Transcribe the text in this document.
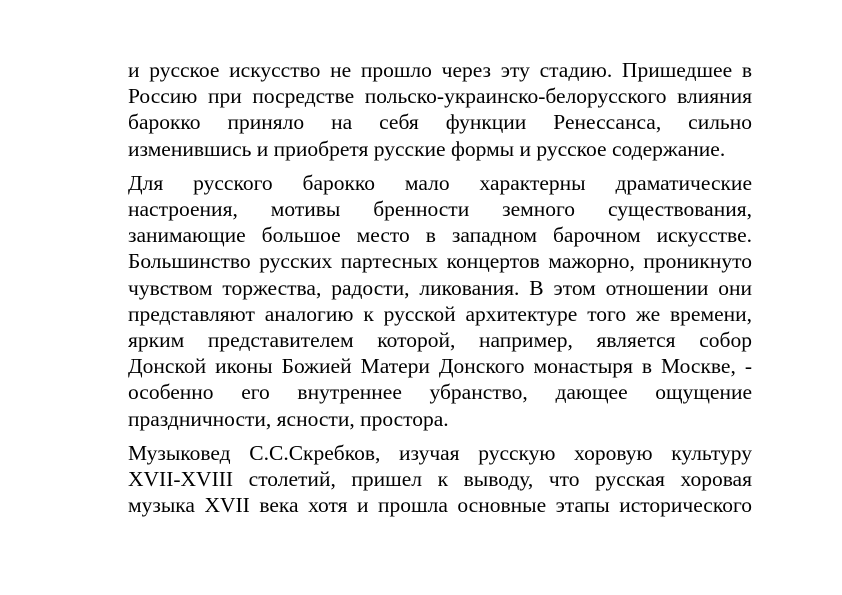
и русское искусство не прошло через эту стадию. Пришедшее в
Россию при посредстве польско-украинско-белорусского влияния
барокко приняло на себя функции Ренессанса, сильно
изменившись и приобретя русские формы и русское содержание.

Для русского барокко мало характерны драматические
настроения, мотивы бренности земного существования,
занимающие большое место в западном барочном искусстве.
Большинство русских партесных концертов мажорно, проникнуто
чувством торжества, радости, ликования. В этом отношении они
представляют аналогию к русской архитектуре того же времени,
ярким представителем которой, например, является собор
Донской иконы Божией Матери Донского монастыря в Москве, -
особенно его внутреннее убранство, дающее ощущение
праздничности, ясности, простора.

Музыковед С.С.Скребков, изучая русскую хоровую культуру
XVII-XVIII столетий, пришел к выводу, что русская хоровая
музыка XVII века хотя и прошла основные этапы исторического
